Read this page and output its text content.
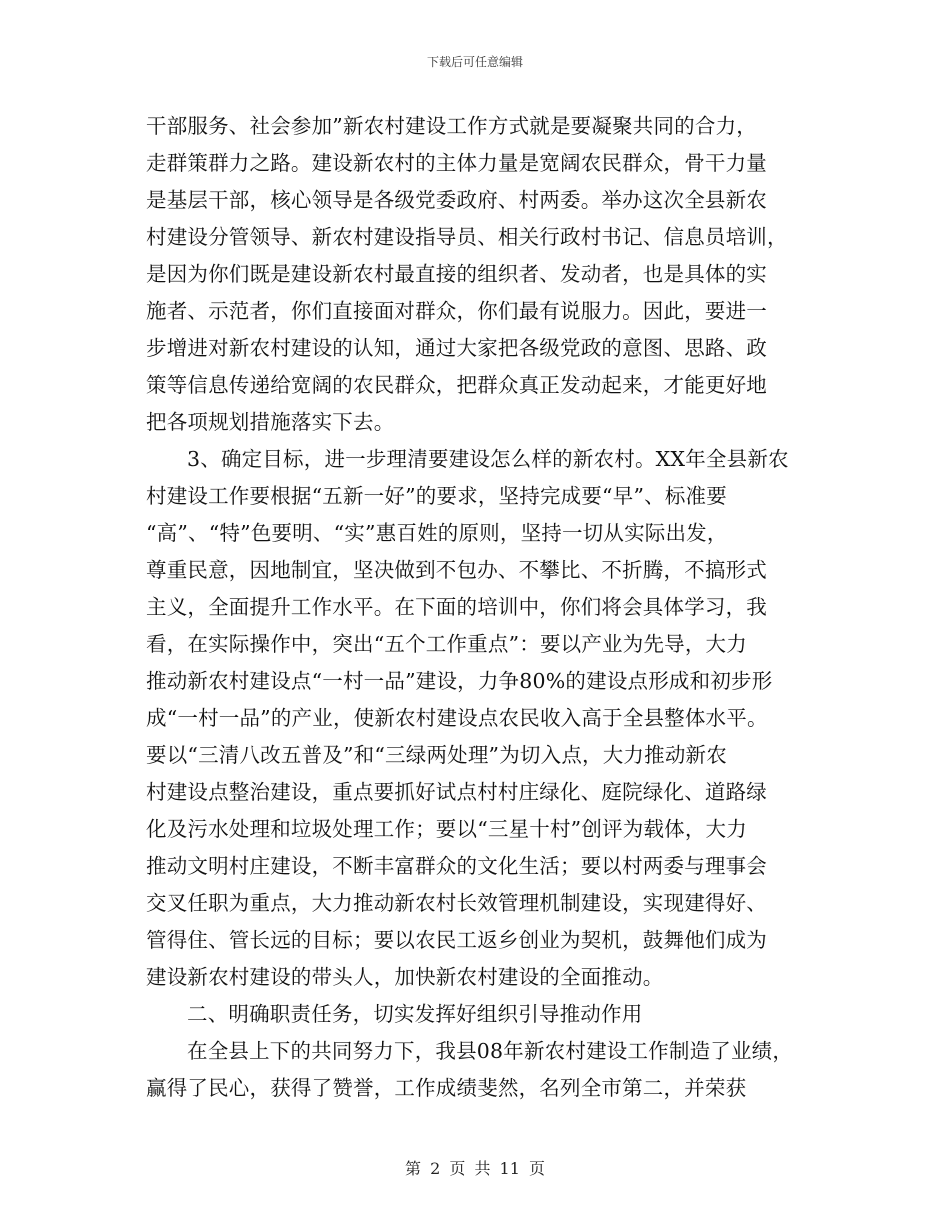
下载后可任意编辑
干部服务、社会参加”新农村建设工作方式就是要凝聚共同的合力，
走群策群力之路。建设新农村的主体力量是宽阔农民群众，骨干力量
是基层干部，核心领导是各级党委政府、村两委。举办这次全县新农
村建设分管领导、新农村建设指导员、相关行政村书记、信息员培训，
是因为你们既是建设新农村最直接的组织者、发动者，也是具体的实
施者、示范者，你们直接面对群众，你们最有说服力。因此，要进一
步增进对新农村建设的认知，通过大家把各级党政的意图、思路、政
策等信息传递给宽阔的农民群众，把群众真正发动起来，才能更好地
把各项规划措施落实下去。
3、确定目标，进一步理清要建设怎么样的新农村。XX年全县新农
村建设工作要根据“五新一好”的要求，坚持完成要“早”、标准要
“高”、“特”色要明、“实”惠百姓的原则，坚持一切从实际出发，
尊重民意，因地制宜，坚决做到不包办、不攀比、不折腾，不搞形式
主义，全面提升工作水平。在下面的培训中，你们将会具体学习，我
看，在实际操作中，突出“五个工作重点”：要以产业为先导，大力
推动新农村建设点“一村一品”建设，力争80%的建设点形成和初步形
成“一村一品”的产业，使新农村建设点农民收入高于全县整体水平。
要以“三清八改五普及”和“三绿两处理”为切入点，大力推动新农
村建设点整治建设，重点要抓好试点村村庄绿化、庭院绿化、道路绿
化及污水处理和垃圾处理工作；要以“三星十村”创评为载体，大力
推动文明村庄建设，不断丰富群众的文化生活；要以村两委与理事会
交叉任职为重点，大力推动新农村长效管理机制建设，实现建得好、
管得住、管长远的目标；要以农民工返乡创业为契机，鼓舞他们成为
建设新农村建设的带头人，加快新农村建设的全面推动。
二、明确职责任务，切实发挥好组织引导推动作用
在全县上下的共同努力下，我县08年新农村建设工作制造了业绩，
赢得了民心，获得了赞誉，工作成绩斐然，名列全市第二，并荣获
第 2 页 共 11 页
